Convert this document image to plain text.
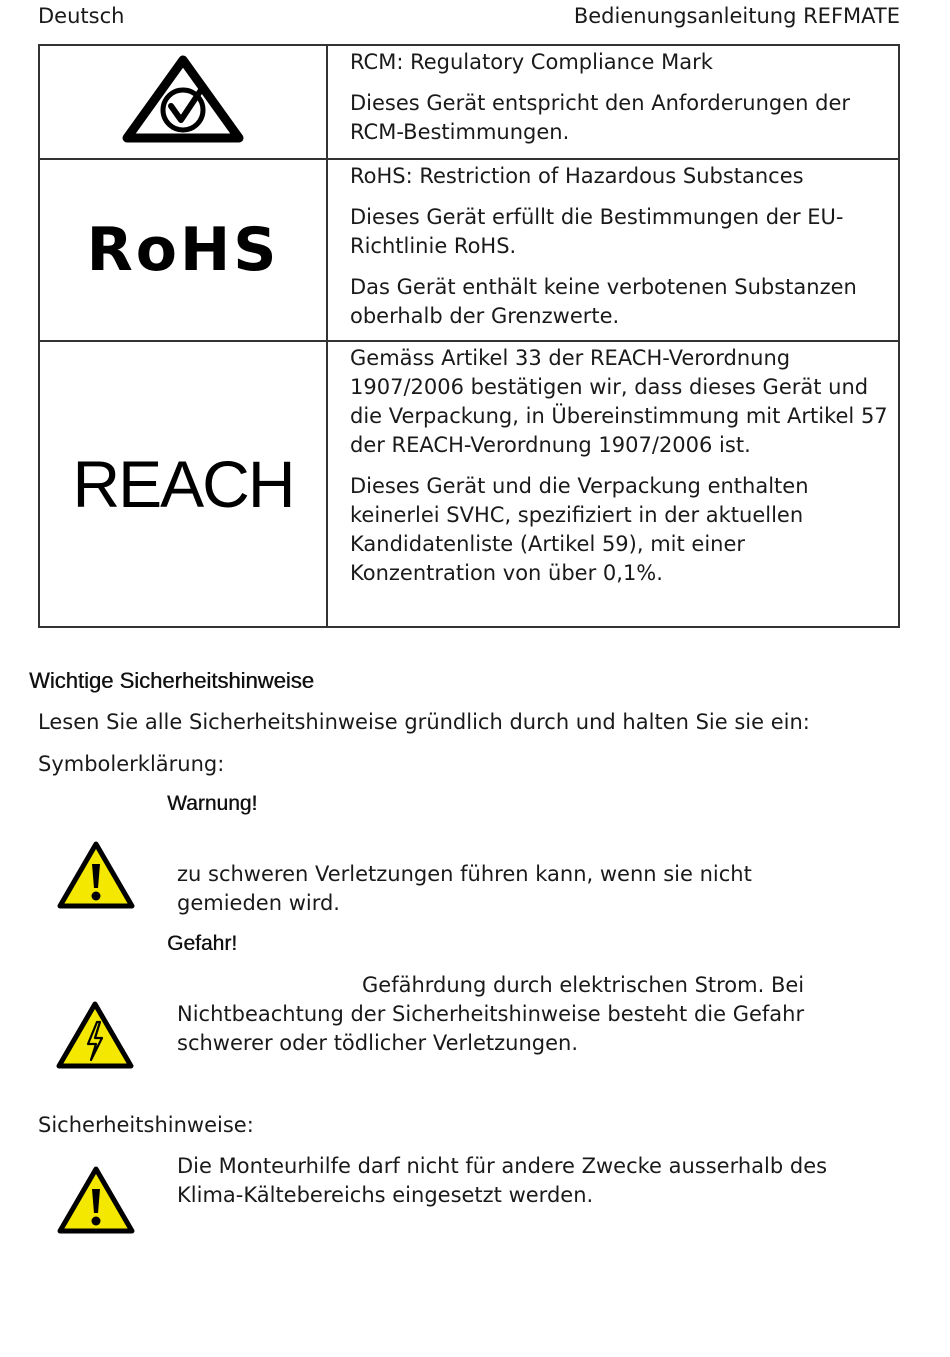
Deutsch	Bedienungsanleitung REFMATE

RCM: Regulatory Compliance Mark

Dieses Gerät entspricht den Anforderungen der RCM-Bestimmungen.

RoHS	RoHS: Restriction of Hazardous Substances

Dieses Gerät erfüllt die Bestimmungen der EU-Richtlinie RoHS.

Das Gerät enthält keine verbotenen Substanzen oberhalb der Grenzwerte.

REACH	Gemäss Artikel 33 der REACH-Verordnung 1907/2006 bestätigen wir, dass dieses Gerät und die Verpackung, in Übereinstimmung mit Artikel 57 der REACH-Verordnung 1907/2006 ist.

Dieses Gerät und die Verpackung enthalten keinerlei SVHC, spezifiziert in der aktuellen Kandidatenliste (Artikel 59), mit einer Konzentration von über 0,1%.

Wichtige Sicherheitshinweise
Lesen Sie alle Sicherheitshinweise gründlich durch und halten Sie sie ein:
Symbolerklärung:
Warnung!
zu schweren Verletzungen führen kann, wenn sie nicht
gemieden wird.
Gefahr!
Gefährdung durch elektrischen Strom. Bei
Nichtbeachtung der Sicherheitshinweise besteht die Gefahr
schwerer oder tödlicher Verletzungen.
Sicherheitshinweise:
Die Monteurhilfe darf nicht für andere Zwecke ausserhalb des
Klima-Kältebereichs eingesetzt werden.
